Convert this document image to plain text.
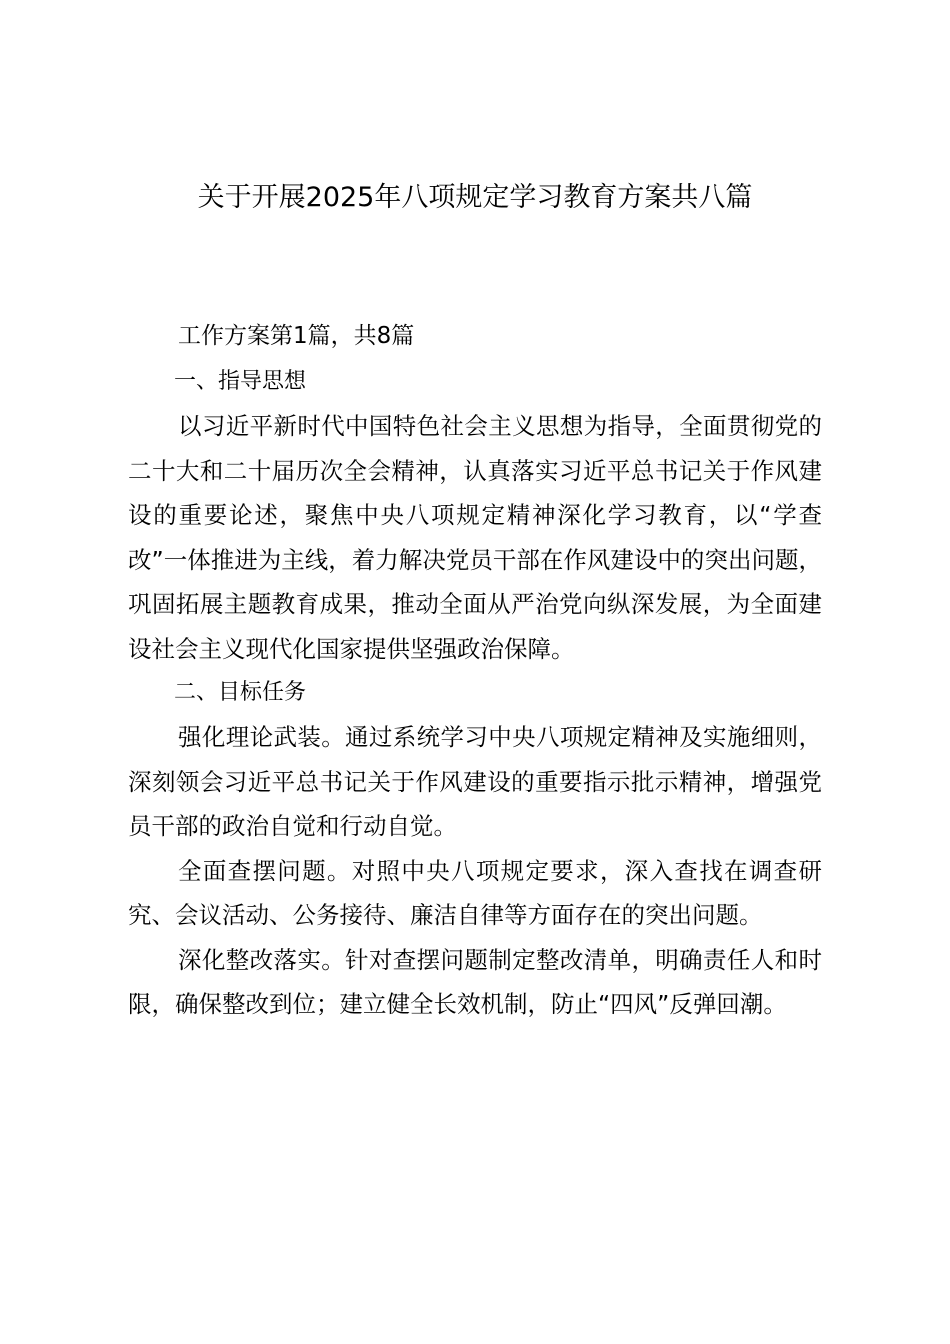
关于开展2025年八项规定学习教育方案共八篇

工作方案第1篇，共8篇

一、指导思想

以习近平新时代中国特色社会主义思想为指导，全面贯彻党的二十大和二十届历次全会精神，认真落实习近平总书记关于作风建设的重要论述，聚焦中央八项规定精神深化学习教育，以“学查改”一体推进为主线，着力解决党员干部在作风建设中的突出问题，巩固拓展主题教育成果，推动全面从严治党向纵深发展，为全面建设社会主义现代化国家提供坚强政治保障。

二、目标任务

强化理论武装。通过系统学习中央八项规定精神及实施细则，深刻领会习近平总书记关于作风建设的重要指示批示精神，增强党员干部的政治自觉和行动自觉。

全面查摆问题。对照中央八项规定要求，深入查找在调查研究、会议活动、公务接待、廉洁自律等方面存在的突出问题。

深化整改落实。针对查摆问题制定整改清单，明确责任人和时限，确保整改到位；建立健全长效机制，防止“四风”反弹回潮。
